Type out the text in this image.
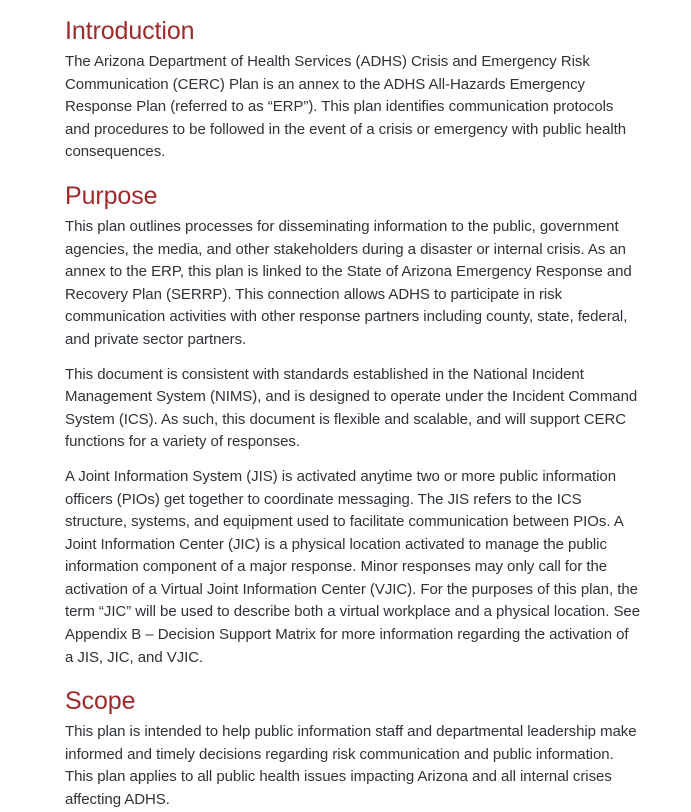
Introduction

The Arizona Department of Health Services (ADHS) Crisis and Emergency Risk Communication (CERC) Plan is an annex to the ADHS All-Hazards Emergency Response Plan (referred to as “ERP”). This plan identifies communication protocols and procedures to be followed in the event of a crisis or emergency with public health consequences.

Purpose

This plan outlines processes for disseminating information to the public, government agencies, the media, and other stakeholders during a disaster or internal crisis. As an annex to the ERP, this plan is linked to the State of Arizona Emergency Response and Recovery Plan (SERRP). This connection allows ADHS to participate in risk communication activities with other response partners including county, state, federal, and private sector partners.

This document is consistent with standards established in the National Incident Management System (NIMS), and is designed to operate under the Incident Command System (ICS). As such, this document is flexible and scalable, and will support CERC functions for a variety of responses.

A Joint Information System (JIS) is activated anytime two or more public information officers (PIOs) get together to coordinate messaging. The JIS refers to the ICS structure, systems, and equipment used to facilitate communication between PIOs. A Joint Information Center (JIC) is a physical location activated to manage the public information component of a major response. Minor responses may only call for the activation of a Virtual Joint Information Center (VJIC). For the purposes of this plan, the term “JIC” will be used to describe both a virtual workplace and a physical location. See Appendix B – Decision Support Matrix for more information regarding the activation of a JIS, JIC, and VJIC.

Scope

This plan is intended to help public information staff and departmental leadership make informed and timely decisions regarding risk communication and public information. This plan applies to all public health issues impacting Arizona and all internal crises affecting ADHS.
